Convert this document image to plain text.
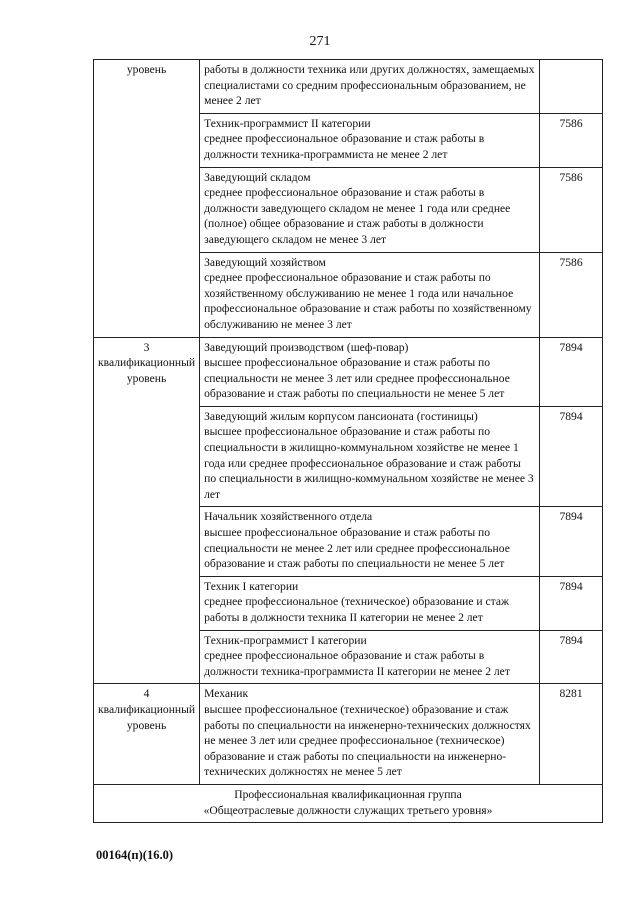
271
уровень	работы в должности техника или других должностях, замещаемых специалистами со средним профессиональным образованием, не менее 2 лет	

	Техник-программист II категории
среднее профессиональное образование и стаж работы в должности техника-программиста не менее 2 лет	7586

	Заведующий складом
среднее профессиональное образование и стаж работы в должности заведующего складом не менее 1 года или среднее (полное) общее образование и стаж работы в должности заведующего складом не менее 3 лет	7586

	Заведующий хозяйством
среднее профессиональное образование и стаж работы по хозяйственному обслуживанию не менее 1 года или начальное профессиональное образование и стаж работы по хозяйственному обслуживанию не менее 3 лет	7586
3 квалификационный уровень	Заведующий производством (шеф-повар)
высшее профессиональное образование и стаж работы по специальности не менее 3 лет или среднее профессиональное образование и стаж работы по специальности не менее 5 лет	7894

	Заведующий жилым корпусом пансионата (гостиницы)
высшее профессиональное образование и стаж работы по специальности в жилищно-коммунальном хозяйстве не менее 1 года или среднее профессиональное образование и стаж работы по специальности в жилищно-коммунальном хозяйстве не менее 3 лет	7894

	Начальник хозяйственного отдела
высшее профессиональное образование и стаж работы по специальности не менее 2 лет или среднее профессиональное образование и стаж работы по специальности не менее 5 лет	7894

	Техник I категории
среднее профессиональное (техническое) образование и стаж работы в должности техника II категории не менее 2 лет	7894

	Техник-программист I категории
среднее профессиональное образование и стаж работы в должности техника-программиста II категории не менее 2 лет	7894
4 квалификационный уровень	Механик
высшее профессиональное (техническое) образование и стаж работы по специальности на инженерно-технических должностях не менее 3 лет или среднее профессиональное (техническое) образование и стаж работы по специальности на инженерно-технических должностях не менее 5 лет	8281

Профессиональная квалификационная группа
«Общеотраслевые должности служащих третьего уровня»		
00164(п)(16.0)
